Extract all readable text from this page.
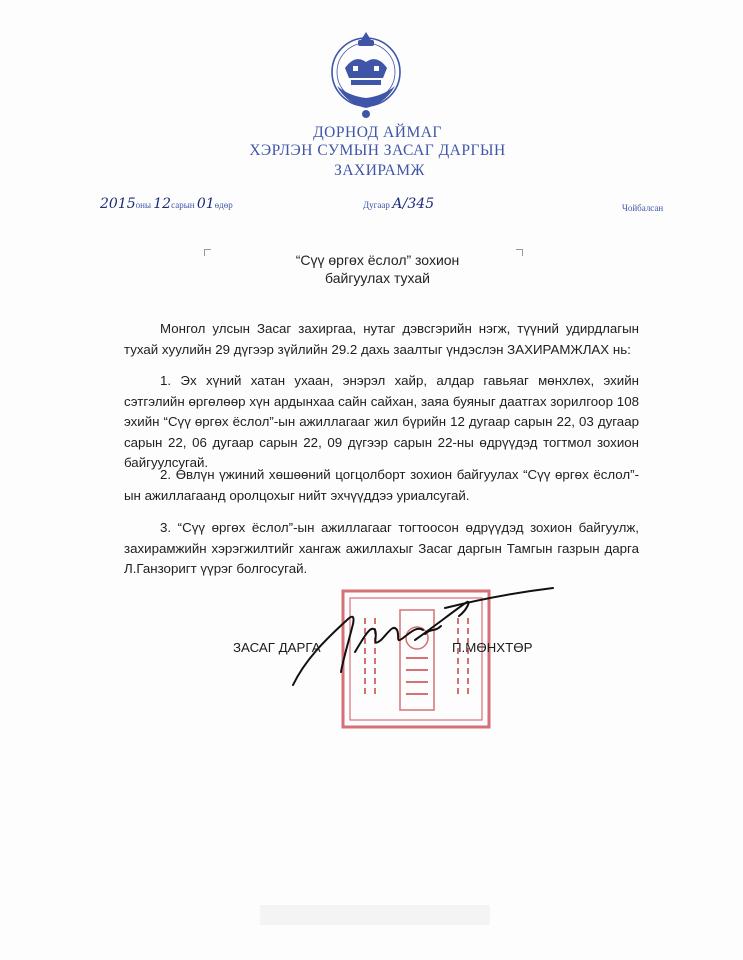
ДОРНОД АЙМАГ
ХЭРЛЭН СУМЫН ЗАСАГ ДАРГЫН
ЗАХИРАМЖ
2015оны 12сарын 01өдөр	Дугаар А/345	Чойбалсан
“Сүү өргөх ёслол” зохион
байгуулах тухай
Монгол улсын Засаг захиргаа, нутаг дэвсгэрийн нэгж, түүний удирдлагын тухай хуулийн 29 дүгээр зүйлийн 29.2 дахь заалтыг үндэслэн ЗАХИРАМЖЛАХ нь:
1. Эх хүний хатан ухаан, энэрэл хайр, алдар гавьяаг мөнхлөх, эхийн сэтгэлийн өргөлөөр хүн ардынхаа сайн сайхан, заяа буяныг даатгах зорилгоор 108 эхийн “Сүү өргөх ёслол”-ын ажиллагааг жил бүрийн 12 дугаар сарын 22, 03 дугаар сарын 22, 06 дугаар сарын 22, 09 дүгээр сарын 22-ны өдрүүдэд тогтмол зохион байгуулсугай.
2. Өвлүн үжиний хөшөөний цогцолборт зохион байгуулах “Сүү өргөх ёслол”-ын ажиллагаанд оролцохыг нийт эхчүүддээ уриалсугай.
3. “Сүү өргөх ёслол”-ын ажиллагааг тогтоосон өдрүүдэд зохион байгуулж, захирамжийн хэрэгжилтийг хангаж ажиллахыг Засаг даргын Тамгын газрын дарга Л.Ганзоригт үүрэг болгосугай.
ЗАСАГ ДАРГА	П.МӨНХТӨР
